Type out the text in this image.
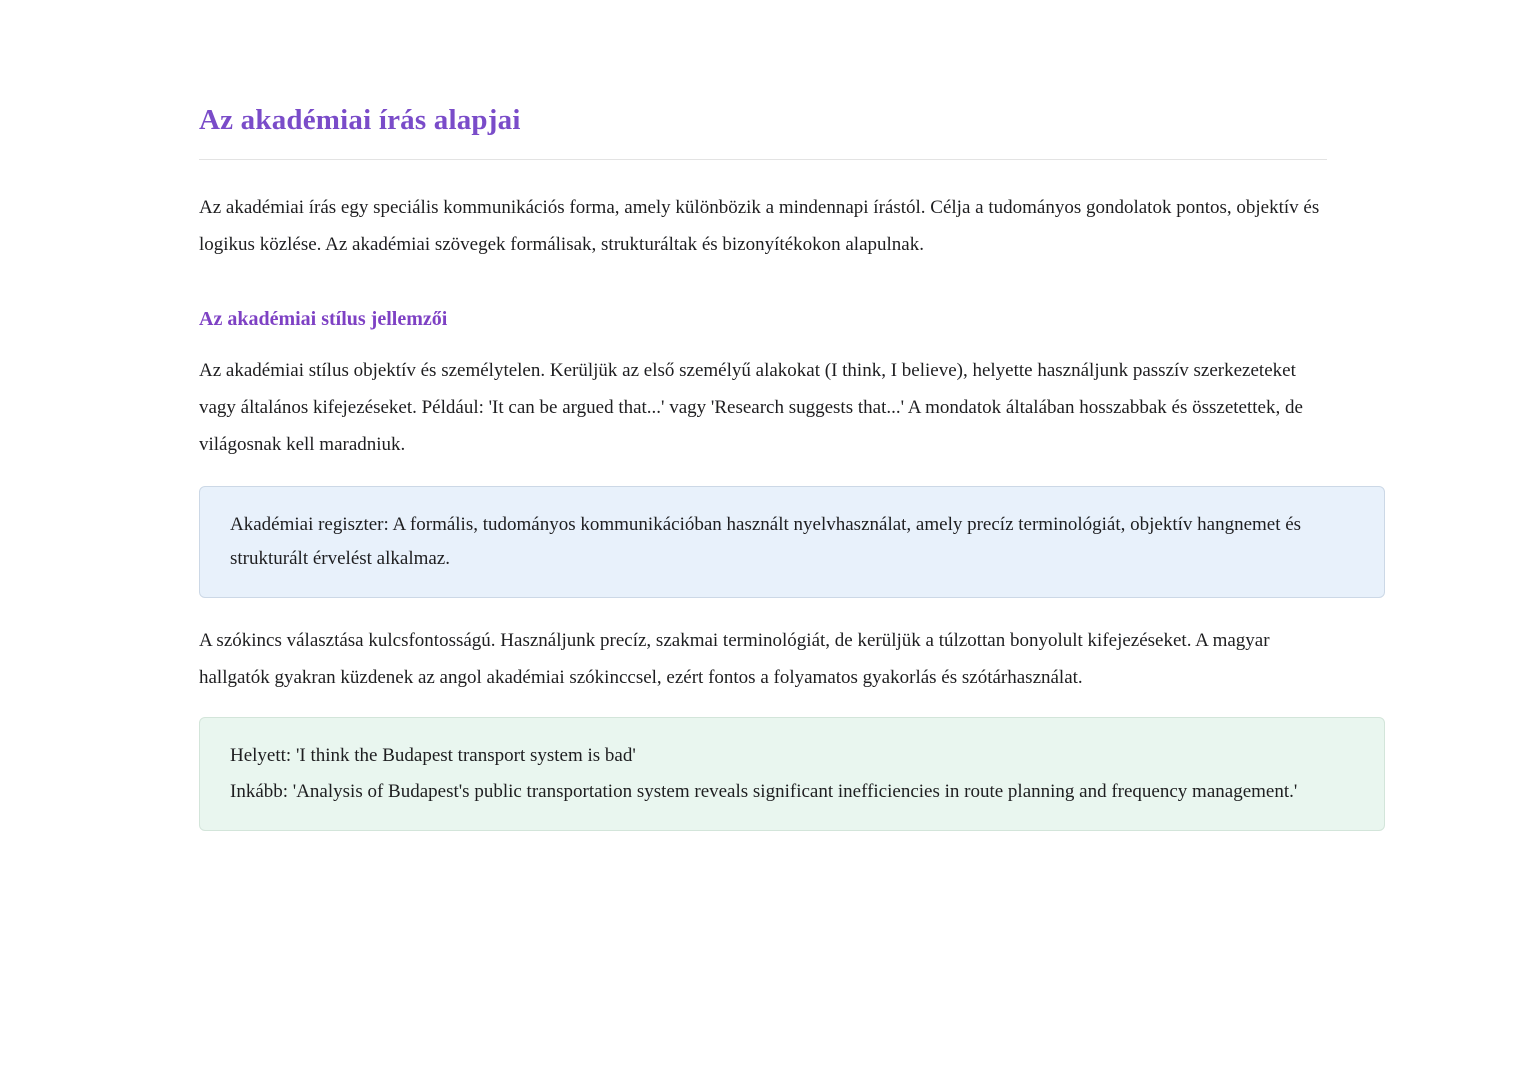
Az akadémiai írás alapjai

Az akadémiai írás egy speciális kommunikációs forma, amely különbözik a mindennapi írástól. Célja a tudományos gondolatok pontos, objektív és logikus közlése. Az akadémiai szövegek formálisak, strukturáltak és bizonyítékokon alapulnak.

Az akadémiai stílus jellemzői

Az akadémiai stílus objektív és személytelen. Kerüljük az első személyű alakokat (I think, I believe), helyette használjunk passzív szerkezeteket vagy általános kifejezéseket. Például: 'It can be argued that...' vagy 'Research suggests that...' A mondatok általában hosszabbak és összetettek, de világosnak kell maradniuk.

Akadémiai regiszter: A formális, tudományos kommunikációban használt nyelvhasználat, amely precíz terminológiát, objektív hangnemet és strukturált érvelést alkalmaz.

A szókincs választása kulcsfontosságú. Használjunk precíz, szakmai terminológiát, de kerüljük a túlzottan bonyolult kifejezéseket. A magyar hallgatók gyakran küzdenek az angol akadémiai szókinccsel, ezért fontos a folyamatos gyakorlás és szótárhasználat.

Helyett: 'I think the Budapest transport system is bad'
Inkább: 'Analysis of Budapest's public transportation system reveals significant inefficiencies in route planning and frequency management.'
